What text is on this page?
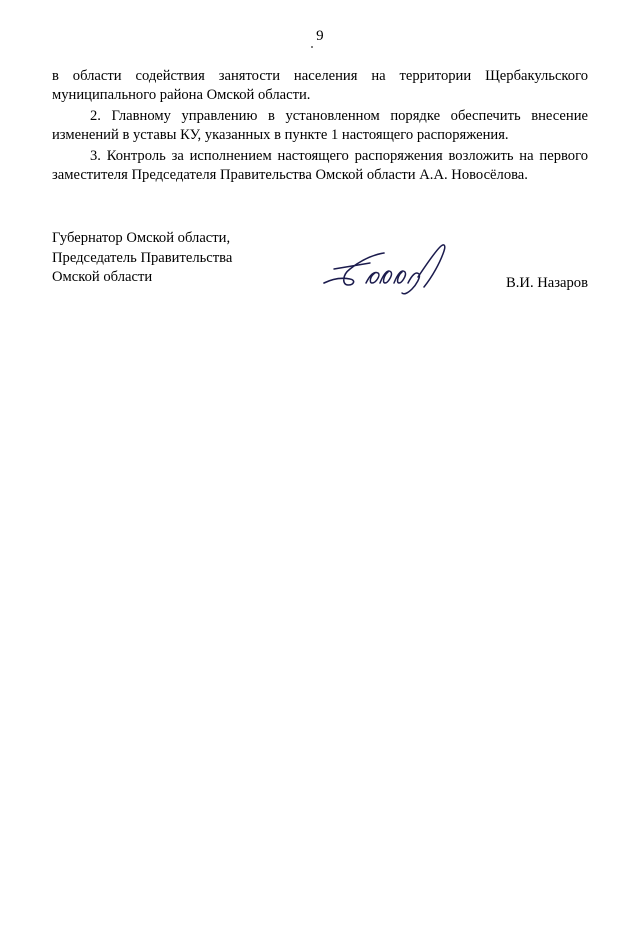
9

в области содействия занятости населения на территории Щербакульского муниципального района Омской области.

2. Главному управлению в установленном порядке обеспечить внесение изменений в уставы КУ, указанных в пункте 1 настоящего распоряжения.

3. Контроль за исполнением настоящего распоряжения возложить на первого заместителя Председателя Правительства Омской области А.А. Новосёлова.

Губернатор Омской области,
Председатель Правительства
Омской области	В.И. Назаров
